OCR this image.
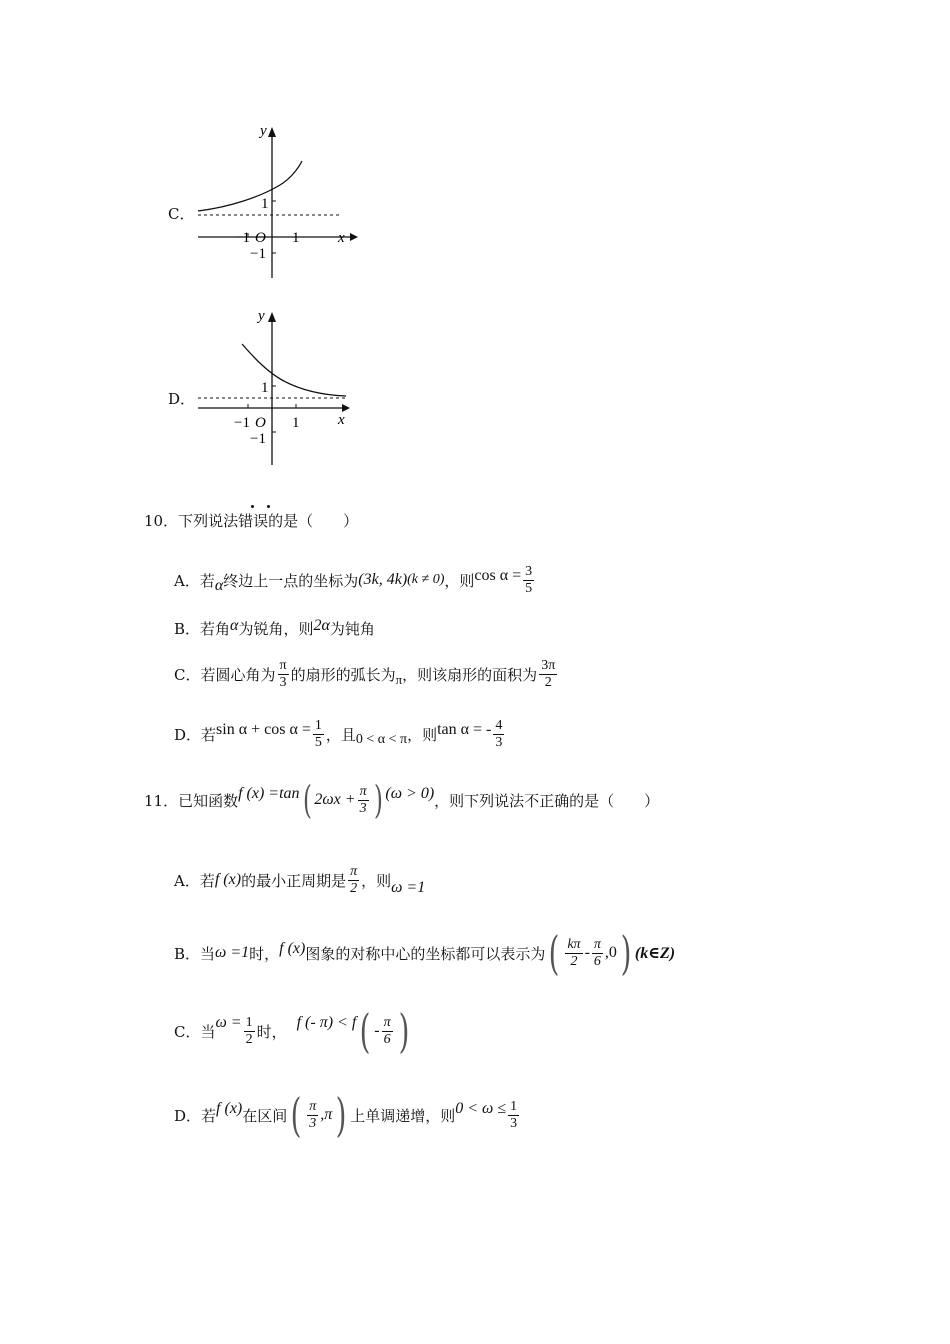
C．
y
x
1
−1
−1 O 1
D．
y
x
1
−1
−1 O 1
10．下列说法错误的是（　　）
A． 若 α 终边上一点的坐标为 (3k, 4k) (k ≠ 0) ，则 $\cos \alpha = \frac{3}{5}$
B．若角α为锐角，则2α为钝角
C． 若圆心角为 $\frac{\pi}{3}$ 的扇形的弧长为 π ，则该扇形的面积为 $\frac{3\pi}{2}$
D． 若 $\sin \alpha + \cos \alpha = \frac{1}{5}$ ，且 0 < α < π ，则 tan α = - $\frac{4}{3}$
11．已知函数 f (x) =tan ( $2\omega x + \frac{\pi}{3}$ ) (ω > 0) ，则下列说法不正确的是（　　）
A． 若 f (x) 的最小正周期是 $\frac{\pi}{2}$ ，则 ω =1
B． 当 ω =1 时， f (x) 图象的对称中心的坐标都可以表示为 ( $\frac{k\pi}{2} - \frac{\pi}{6} ,0$ ) (k∈Z)
C． 当 $\omega = \frac{1}{2}$ 时， f (- π) < f ( - $\frac{\pi}{6}$ )
D． 若 f (x) 在区间 ( $\frac{\pi}{3} ,\pi$ ) 上单调递增，则 $0 < \omega \le \frac{1}{3}$
